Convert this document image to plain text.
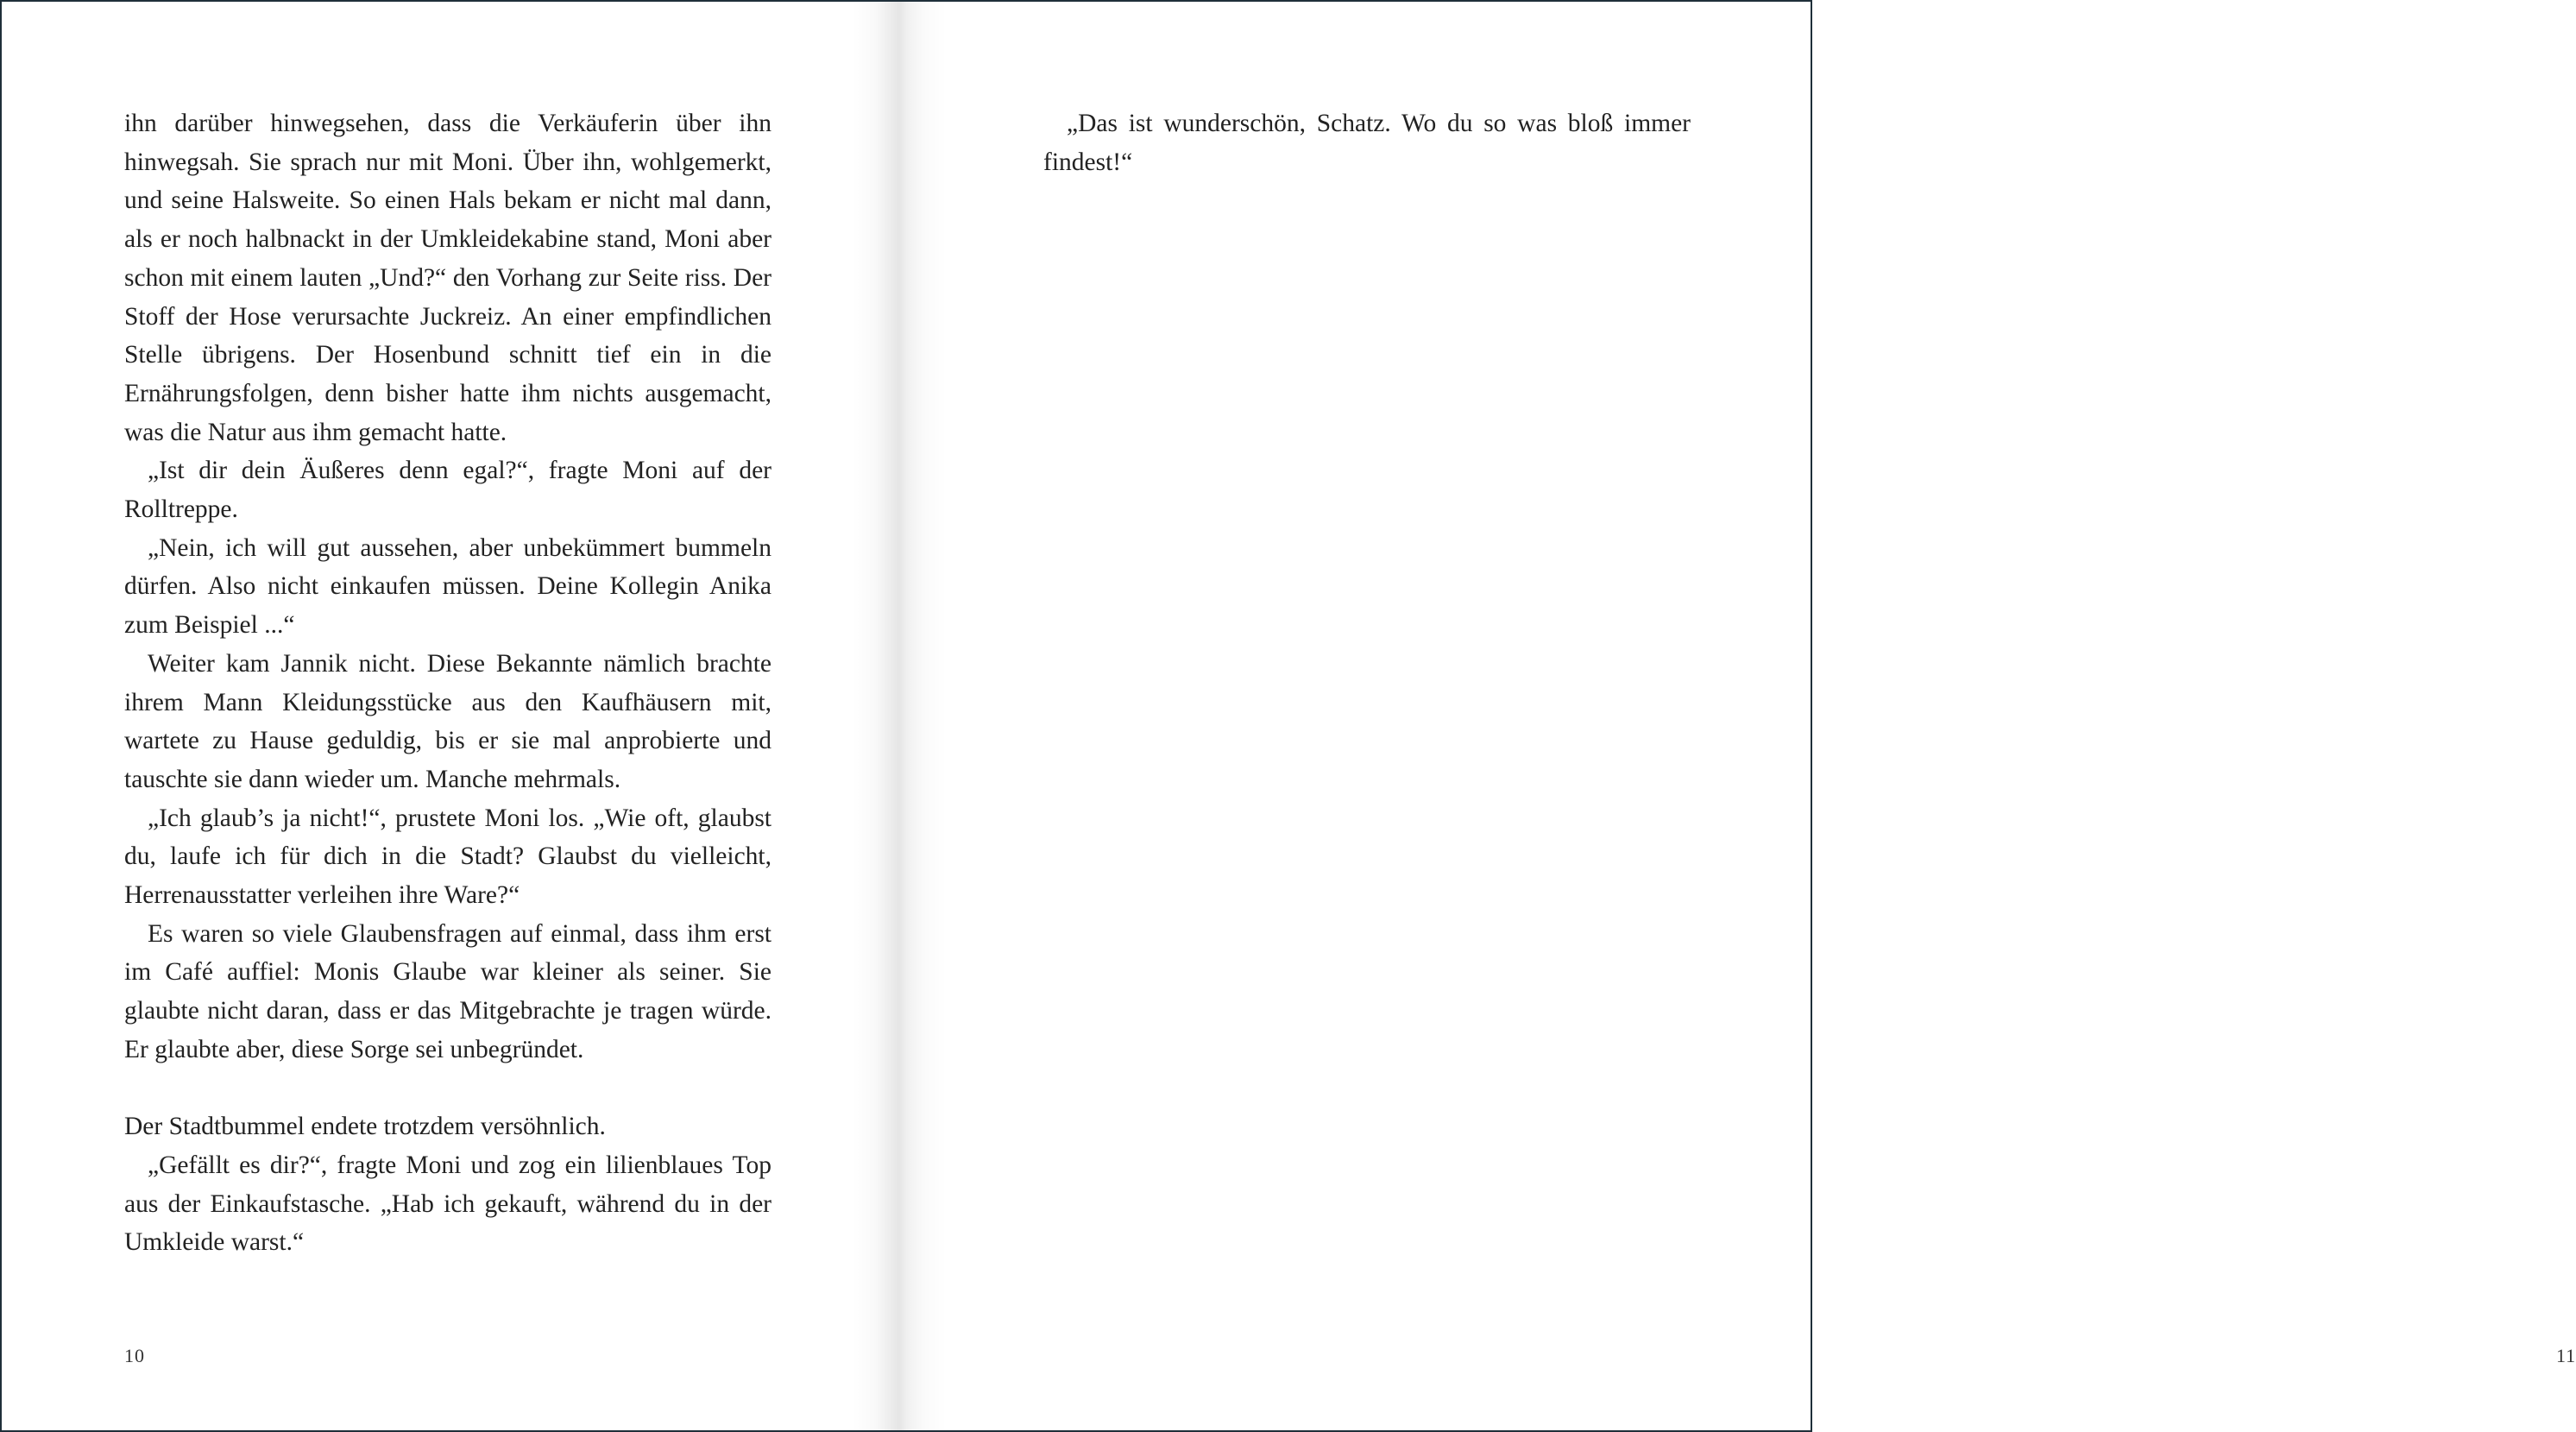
ihn darüber hinwegsehen, dass die Verkäuferin über ihn hinwegsah. Sie sprach nur mit Moni. Über ihn, wohlgemerkt, und seine Halsweite. So einen Hals bekam er nicht mal dann, als er noch halbnackt in der Umkleidekabine stand, Moni aber schon mit einem lauten „Und?“ den Vorhang zur Seite riss. Der Stoff der Hose verursachte Juckreiz. An einer empfindlichen Stelle übrigens. Der Hosenbund schnitt tief ein in die Ernährungsfolgen, denn bisher hatte ihm nichts ausgemacht, was die Natur aus ihm gemacht hatte.

„Ist dir dein Äußeres denn egal?“, fragte Moni auf der Rolltreppe.

„Nein, ich will gut aussehen, aber unbekümmert bummeln dürfen. Also nicht einkaufen müssen. Deine Kollegin Anika zum Beispiel ...“

Weiter kam Jannik nicht. Diese Bekannte nämlich brachte ihrem Mann Kleidungsstücke aus den Kaufhäusern mit, wartete zu Hause geduldig, bis er sie mal anprobierte und tauschte sie dann wieder um. Manche mehrmals.

„Ich glaub’s ja nicht!“, prustete Moni los. „Wie oft, glaubst du, laufe ich für dich in die Stadt? Glaubst du vielleicht, Herrenausstatter verleihen ihre Ware?“

Es waren so viele Glaubensfragen auf einmal, dass ihm erst im Café auffiel: Monis Glaube war kleiner als seiner. Sie glaubte nicht daran, dass er das Mitgebrachte je tragen würde. Er glaubte aber, diese Sorge sei unbegründet.

Der Stadtbummel endete trotzdem versöhnlich.

„Gefällt es dir?“, fragte Moni und zog ein lilienblaues Top aus der Einkaufstasche. „Hab ich gekauft, während du in der Umkleide warst.“

10

„Das ist wunderschön, Schatz. Wo du so was bloß immer findest!“

11
